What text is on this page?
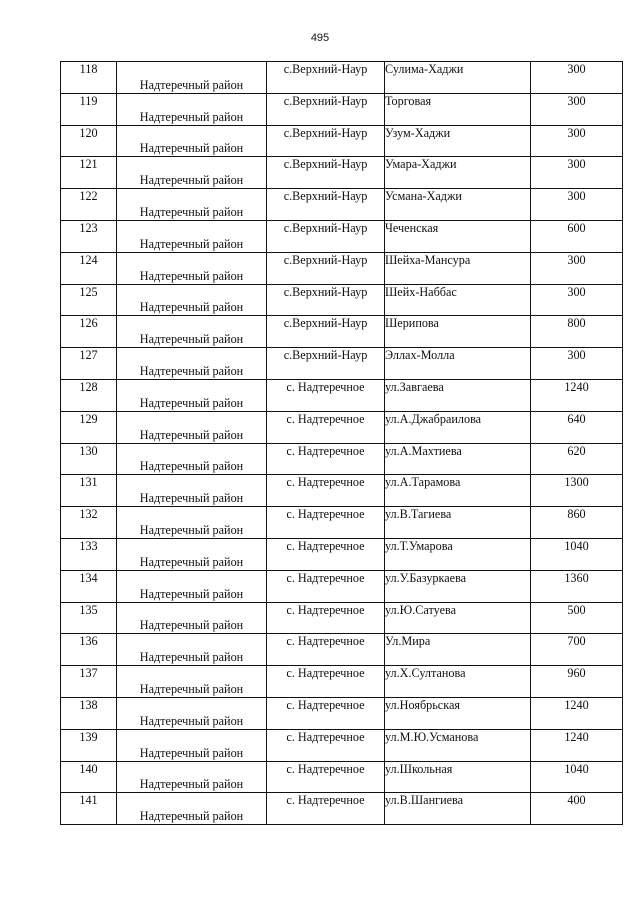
495
118	Надтеречный район	с.Верхний-Наур	Сулима-Хаджи	300
119	Надтеречный район	с.Верхний-Наур	Торговая	300
120	Надтеречный район	с.Верхний-Наур	Узум-Хаджи	300
121	Надтеречный район	с.Верхний-Наур	Умара-Хаджи	300
122	Надтеречный район	с.Верхний-Наур	Усмана-Хаджи	300
123	Надтеречный район	с.Верхний-Наур	Чеченская	600
124	Надтеречный район	с.Верхний-Наур	Шейха-Мансура	300
125	Надтеречный район	с.Верхний-Наур	Шейх-Наббас	300
126	Надтеречный район	с.Верхний-Наур	Шерипова	800
127	Надтеречный район	с.Верхний-Наур	Эллах-Молла	300
128	Надтеречный район	с. Надтеречное	ул.Завгаева	1240
129	Надтеречный район	с. Надтеречное	ул.А.Джабраилова	640
130	Надтеречный район	с. Надтеречное	ул.А.Махтиева	620
131	Надтеречный район	с. Надтеречное	ул.А.Тарамова	1300
132	Надтеречный район	с. Надтеречное	ул.В.Тагиева	860
133	Надтеречный район	с. Надтеречное	ул.Т.Умарова	1040
134	Надтеречный район	с. Надтеречное	ул.У.Базуркаева	1360
135	Надтеречный район	с. Надтеречное	ул.Ю.Сатуева	500
136	Надтеречный район	с. Надтеречное	Ул.Мира	700
137	Надтеречный район	с. Надтеречное	ул.Х.Султанова	960
138	Надтеречный район	с. Надтеречное	ул.Ноябрьская	1240
139	Надтеречный район	с. Надтеречное	ул.М.Ю.Усманова	1240
140	Надтеречный район	с. Надтеречное	ул.Школьная	1040
141	Надтеречный район	с. Надтеречное	ул.В.Шангиева	400
